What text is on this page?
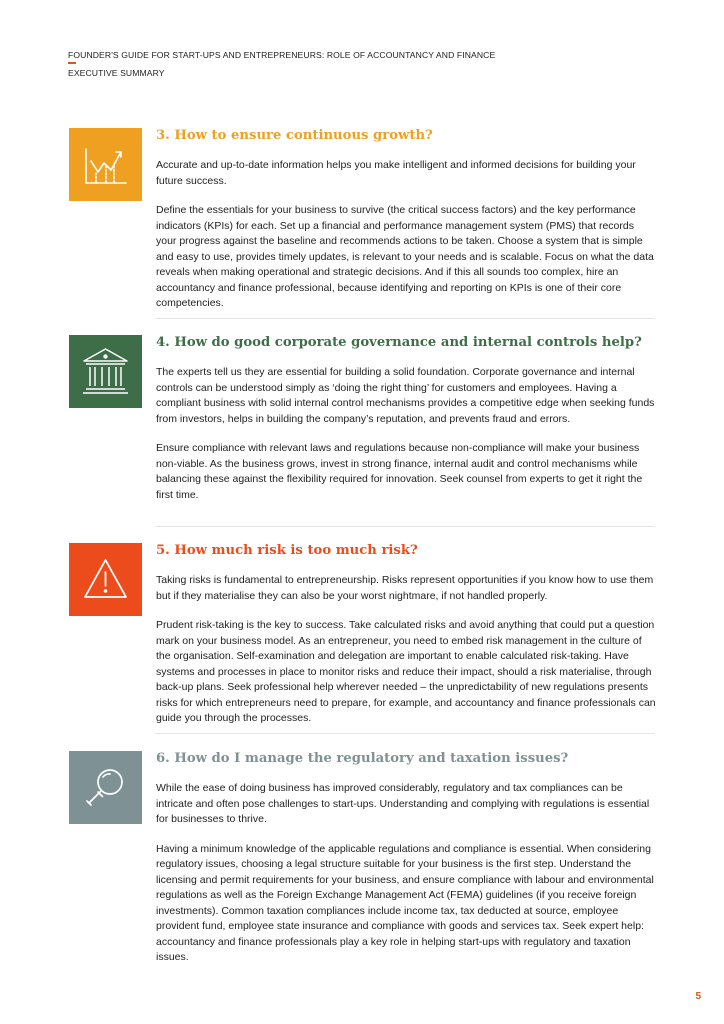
FOUNDER'S GUIDE FOR START-UPS AND ENTREPRENEURS: ROLE OF ACCOUNTANCY AND FINANCE
EXECUTIVE SUMMARY
3. How to ensure continuous growth?

Accurate and up-to-date information helps you make intelligent and informed decisions for building your future success.

Define the essentials for your business to survive (the critical success factors) and the key performance indicators (KPIs) for each. Set up a financial and performance management system (PMS) that records your progress against the baseline and recommends actions to be taken. Choose a system that is simple and easy to use, provides timely updates, is relevant to your needs and is scalable. Focus on what the data reveals when making operational and strategic decisions. And if this all sounds too complex, hire an accountancy and finance professional, because identifying and reporting on KPIs is one of their core competencies.

4. How do good corporate governance and internal controls help?

The experts tell us they are essential for building a solid foundation. Corporate governance and internal controls can be understood simply as ‘doing the right thing’ for customers and employees. Having a compliant business with solid internal control mechanisms provides a competitive edge when seeking funds from investors, helps in building the company’s reputation, and prevents fraud and errors.

Ensure compliance with relevant laws and regulations because non-compliance will make your business non-viable. As the business grows, invest in strong finance, internal audit and control mechanisms while balancing these against the flexibility required for innovation. Seek counsel from experts to get it right the first time.

5. How much risk is too much risk?

Taking risks is fundamental to entrepreneurship. Risks represent opportunities if you know how to use them but if they materialise they can also be your worst nightmare, if not handled properly.

Prudent risk-taking is the key to success. Take calculated risks and avoid anything that could put a question mark on your business model. As an entrepreneur, you need to embed risk management in the culture of the organisation. Self-examination and delegation are important to enable calculated risk-taking. Have systems and processes in place to monitor risks and reduce their impact, should a risk materialise, through back-up plans. Seek professional help wherever needed – the unpredictability of new regulations presents risks for which entrepreneurs need to prepare, for example, and accountancy and finance professionals can guide you through the processes.

6. How do I manage the regulatory and taxation issues?

While the ease of doing business has improved considerably, regulatory and tax compliances can be intricate and often pose challenges to start-ups. Understanding and complying with regulations is essential for businesses to thrive.

Having a minimum knowledge of the applicable regulations and compliance is essential. When considering regulatory issues, choosing a legal structure suitable for your business is the first step. Understand the licensing and permit requirements for your business, and ensure compliance with labour and environmental regulations as well as the Foreign Exchange Management Act (FEMA) guidelines (if you receive foreign investments). Common taxation compliances include income tax, tax deducted at source, employee provident fund, employee state insurance and compliance with goods and services tax. Seek expert help: accountancy and finance professionals play a key role in helping start-ups with regulatory and taxation issues.

5
